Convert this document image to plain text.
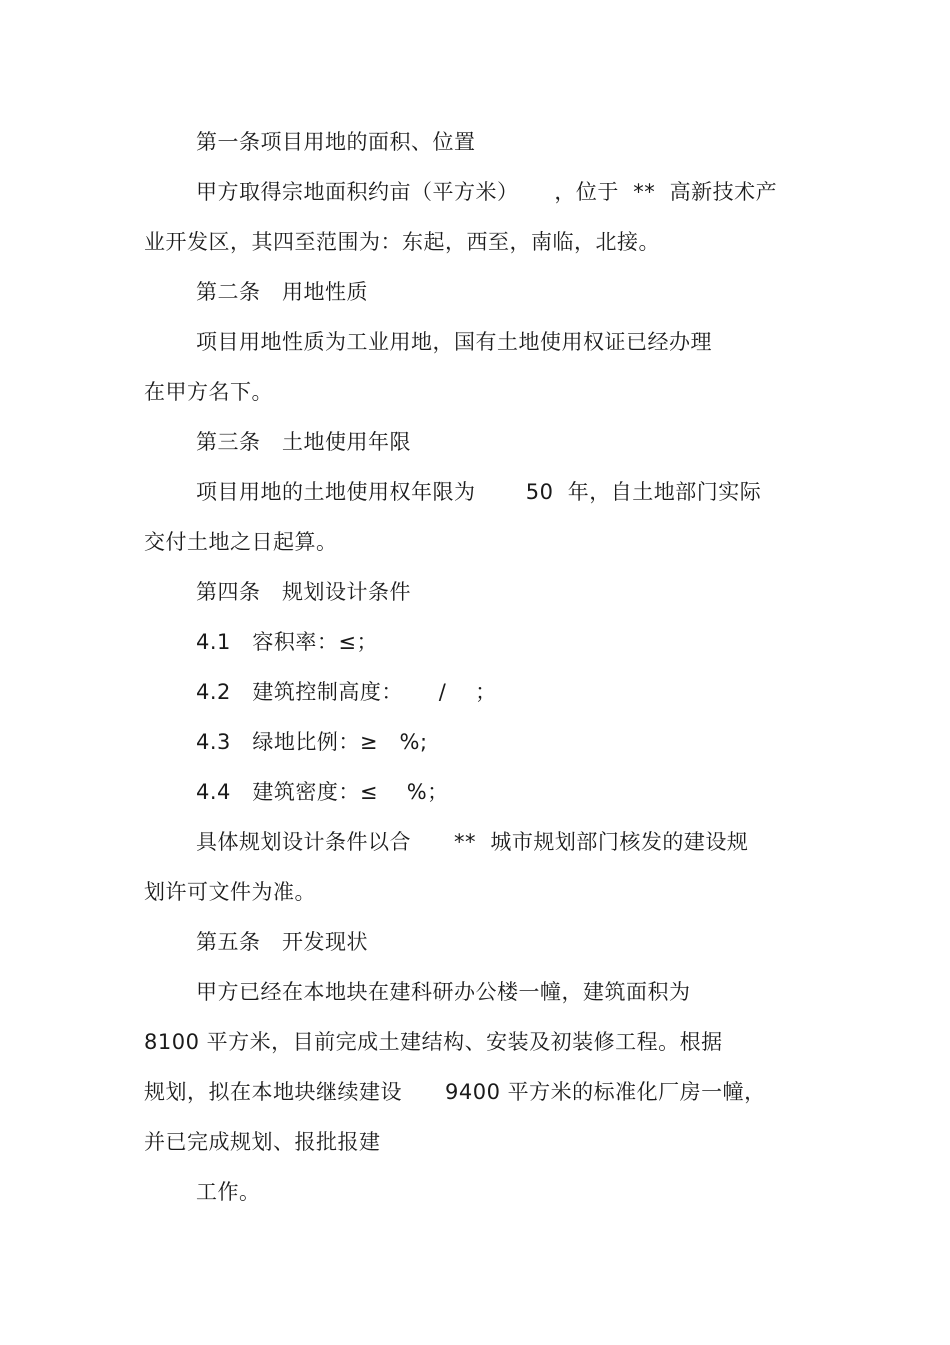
第一条项目用地的面积、位置
甲方取得宗地面积约亩（平方米）     ，位于  **  高新技术产
业开发区，其四至范围为：东起，西至，南临，北接。
第二条   用地性质
项目用地性质为工业用地，国有土地使用权证已经办理
在甲方名下。
第三条   土地使用年限
项目用地的土地使用权年限为       50  年，自土地部门实际
交付土地之日起算。
第四条   规划设计条件
4.1   容积率：≤；
4.2   建筑控制高度：     /    ；
4.3   绿地比例：≥   %;
4.4   建筑密度：≤    %；
具体规划设计条件以合      **  城市规划部门核发的建设规
划许可文件为准。
第五条   开发现状
甲方已经在本地块在建科研办公楼一幢，建筑面积为
8100 平方米，目前完成土建结构、安装及初装修工程。根据
规划，拟在本地块继续建设      9400 平方米的标准化厂房一幢，
并已完成规划、报批报建
工作。
